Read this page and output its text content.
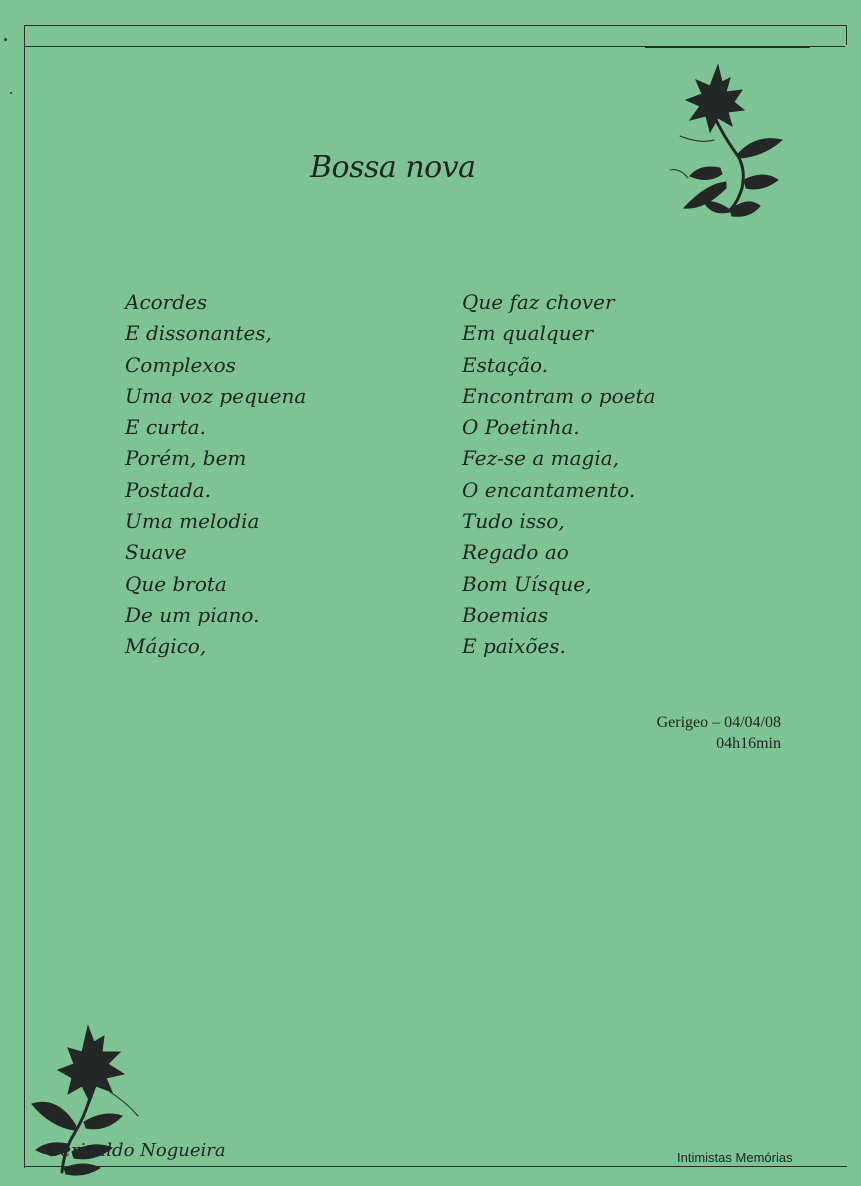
Bossa nova
Acordes
E dissonantes,
Complexos
Uma voz pequena
E curta.
Porém, bem
Postada.
Uma melodia
Suave
Que brota
De um piano.
Mágico,
Que faz chover
Em qualquer
Estação.
Encontram o poeta
O Poetinha.
Fez-se a magia,
O encantamento.
Tudo isso,
Regado ao
Bom Uísque,
Boemias
E paixões.
Gerigeo – 04/04/08
04h16min
Gerivaldo Nogueira	Intimistas Memórias
